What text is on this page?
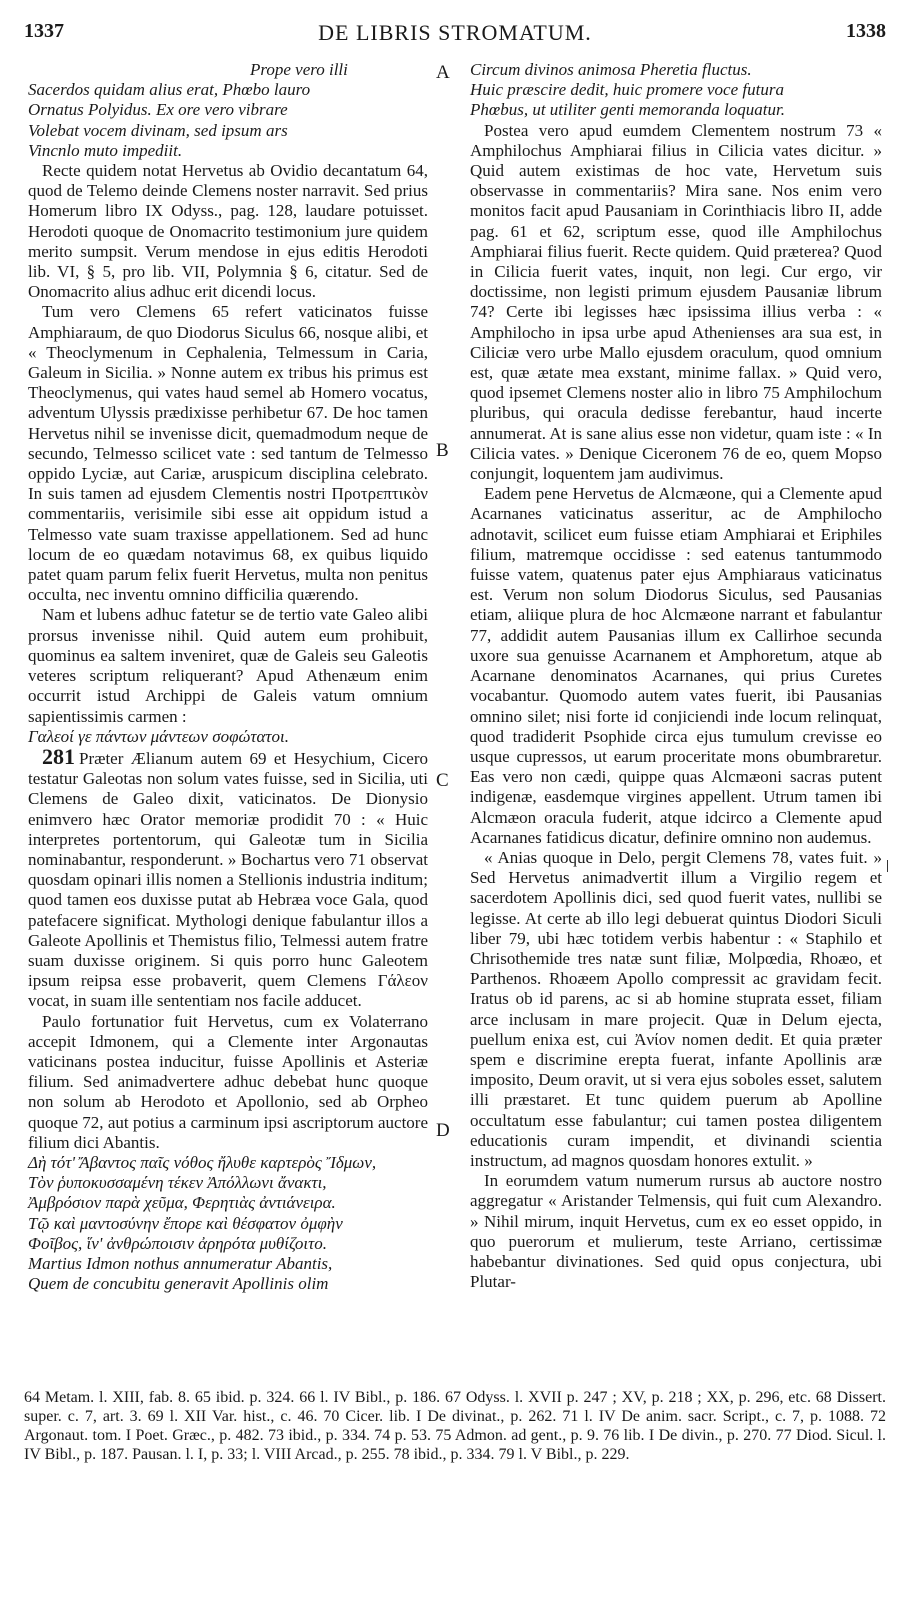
1337	DE LIBRIS STROMATUM.	1338
A
B
C
D

Prope vero illi
Sacerdos quidam alius erat, Phœbo lauro
Ornatus Polyidus. Ex ore vero vibrare
Volebat vocem divinam, sed ipsum ars
Vincnlo muto impediit.

Recte quidem notat Hervetus ab Ovidio decantatum 64, quod de Telemo deinde Clemens noster narravit. Sed prius Homerum libro IX Odyss., pag. 128, laudare potuisset. Herodoti quoque de Onomacrito testimonium jure quidem merito sumpsit. Verum mendose in ejus editis Herodoti lib. VI, § 5, pro lib. VII, Polymnia § 6, citatur. Sed de Onomacrito alius adhuc erit dicendi locus.

Tum vero Clemens 65 refert vaticinatos fuisse Amphiaraum, de quo Diodorus Siculus 66, nosque alibi, et « Theoclymenum in Cephalenia, Telmessum in Caria, Galeum in Sicilia. » Nonne autem ex tribus his primus est Theoclymenus, qui vates haud semel ab Homero vocatus, adventum Ulyssis prædixisse perhibetur 67. De hoc tamen Hervetus nihil se invenisse dicit, quemadmodum neque de secundo, Telmesso scilicet vate : sed tantum de Telmesso oppido Lyciæ, aut Cariæ, aruspicum disciplina celebrato. In suis tamen ad ejusdem Clementis nostri Προτρεπτικὸν commentariis, verisimile sibi esse ait oppidum istud a Telmesso vate suam traxisse appellationem. Sed ad hunc locum de eo quædam notavimus 68, ex quibus liquido patet quam parum felix fuerit Hervetus, multa non penitus occulta, nec inventu omnino difficilia quærendo.

Nam et lubens adhuc fatetur se de tertio vate Galeo alibi prorsus invenisse nihil. Quid autem eum prohibuit, quominus ea saltem inveniret, quæ de Galeis seu Galeotis veteres scriptum reliquerant? Apud Athenæum enim occurrit istud Archippi de Galeis vatum omnium sapientissimis carmen :

Γαλεοί γε πάντων μάντεων σοφώτατοι.

281 Præter Ælianum autem 69 et Hesychium, Cicero testatur Galeotas non solum vates fuisse, sed in Sicilia, uti Clemens de Galeo dixit, vaticinatos. De Dionysio enimvero hæc Orator memoriæ prodidit 70 : « Huic interpretes portentorum, qui Galeotæ tum in Sicilia nominabantur, responderunt. » Bochartus vero 71 observat quosdam opinari illis nomen a Stellionis industria inditum; quod tamen eos duxisse putat ab Hebræa voce Gala, quod patefacere significat. Mythologi denique fabulantur illos a Galeote Apollinis et Themistus filio, Telmessi autem fratre suam duxisse originem. Si quis porro hunc Galeotem ipsum reipsa esse probaverit, quem Clemens Γάλεον vocat, in suam ille sententiam nos facile adducet.

Paulo fortunatior fuit Hervetus, cum ex Volaterrano accepit Idmonem, qui a Clemente inter Argonautas vaticinans postea inducitur, fuisse Apollinis et Asteriæ filium. Sed animadvertere adhuc debebat hunc quoque non solum ab Herodoto et Apollonio, sed ab Orpheo quoque 72, aut potius a carminum ipsi ascriptorum auctore filium dici Abantis.

Δὴ τότ' Ἄβαντος παῖς νόθος ἤλυθε καρτερὸς Ἴδμων,
Τὸν ῥυποκυσσαμένη τέκεν Ἀπόλλωνι ἄνακτι,
Ἀμβρόσιον παρὰ χεῦμα, Φερητιὰς ἀντιάνειρα.
Τῷ καὶ μαντοσύνην ἔπορε καὶ θέσφατον ὀμφὴν
Φοῖβος, ἵν' ἀνθρώποισιν ἀρηρότα μυθίζοιτο.

Martius Idmon nothus annumeratur Abantis,
Quem de concubitu generavit Apollinis olim

Circum divinos animosa Pheretia fluctus.
Huic præscire dedit, huic promere voce futura
Phœbus, ut utiliter genti memoranda loquatur.

Postea vero apud eumdem Clementem nostrum 73 « Amphilochus Amphiarai filius in Cilicia vates dicitur. » Quid autem existimas de hoc vate, Hervetum suis observasse in commentariis? Mira sane. Nos enim vero monitos facit apud Pausaniam in Corinthiacis libro II, adde pag. 61 et 62, scriptum esse, quod ille Amphilochus Amphiarai filius fuerit. Recte quidem. Quid præterea? Quod in Cilicia fuerit vates, inquit, non legi. Cur ergo, vir doctissime, non legisti primum ejusdem Pausaniæ librum 74? Certe ibi legisses hæc ipsissima illius verba : « Amphilocho in ipsa urbe apud Athenienses ara sua est, in Ciliciæ vero urbe Mallo ejusdem oraculum, quod omnium est, quæ ætate mea exstant, minime fallax. » Quid vero, quod ipsemet Clemens noster alio in libro 75 Amphilochum pluribus, qui oracula dedisse ferebantur, haud incerte annumerat. At is sane alius esse non videtur, quam iste : « In Cilicia vates. » Denique Ciceronem 76 de eo, quem Mopso conjungit, loquentem jam audivimus.

Eadem pene Hervetus de Alcmæone, qui a Clemente apud Acarnanes vaticinatus asseritur, ac de Amphilocho adnotavit, scilicet eum fuisse etiam Amphiarai et Eriphiles filium, matremque occidisse : sed eatenus tantummodo fuisse vatem, quatenus pater ejus Amphiaraus vaticinatus est. Verum non solum Diodorus Siculus, sed Pausanias etiam, aliique plura de hoc Alcmæone narrant et fabulantur 77, addidit autem Pausanias illum ex Callirhoe secunda uxore sua genuisse Acarnanem et Amphoretum, atque ab Acarnane denominatos Acarnanes, qui prius Curetes vocabantur. Quomodo autem vates fuerit, ibi Pausanias omnino silet; nisi forte id conjiciendi inde locum relinquat, quod tradiderit Psophide circa ejus tumulum crevisse eo usque cupressos, ut earum proceritate mons obumbraretur. Eas vero non cædi, quippe quas Alcmæoni sacras putent indigenæ, easdemque virgines appellent. Utrum tamen ibi Alcmæon oracula fuderit, atque idcirco a Clemente apud Acarnanes fatidicus dicatur, definire omnino non audemus.

« Anias quoque in Delo, pergit Clemens 78, vates fuit. » Sed Hervetus animadvertit illum a Virgilio regem et sacerdotem Apollinis dici, sed quod fuerit vates, nullibi se legisse. At certe ab illo legi debuerat quintus Diodori Siculi liber 79, ubi hæc totidem verbis habentur : « Staphilo et Chrisothemide tres natæ sunt filiæ, Molpœdia, Rhoæo, et Parthenos. Rhoæem Apollo compressit ac gravidam fecit. Iratus ob id parens, ac si ab homine stuprata esset, filiam arce inclusam in mare projecit. Quæ in Delum ejecta, puellum enixa est, cui Ἀνίον nomen dedit. Et quia præter spem e discrimine erepta fuerat, infante Apollinis aræ imposito, Deum oravit, ut si vera ejus soboles esset, salutem illi præstaret. Et tunc quidem puerum ab Apolline occultatum esse fabulantur; cui tamen postea diligentem educationis curam impendit, et divinandi scientia instructum, ad magnos quosdam honores extulit. »

In eorumdem vatum numerum rursus ab auctore nostro aggregatur « Aristander Telmensis, qui fuit cum Alexandro. » Nihil mirum, inquit Hervetus, cum ex eo esset oppido, in quo puerorum et mulierum, teste Arriano, certissimæ habebantur divinationes. Sed quid opus conjectura, ubi Plutar-

64 Metam. l. XIII, fab. 8. 65 ibid. p. 324. 66 l. IV Bibl., p. 186. 67 Odyss. l. XVII p. 247 ; XV, p. 218 ; XX, p. 296, etc. 68 Dissert. super. c. 7, art. 3. 69 l. XII Var. hist., c. 46. 70 Cicer. lib. I De divinat., p. 262. 71 l. IV De anim. sacr. Script., c. 7, p. 1088. 72 Argonaut. tom. I Poet. Græc., p. 482. 73 ibid., p. 334. 74 p. 53. 75 Admon. ad gent., p. 9. 76 lib. I De divin., p. 270. 77 Diod. Sicul. l. IV Bibl., p. 187. Pausan. l. I, p. 33; l. VIII Arcad., p. 255. 78 ibid., p. 334. 79 l. V Bibl., p. 229.
